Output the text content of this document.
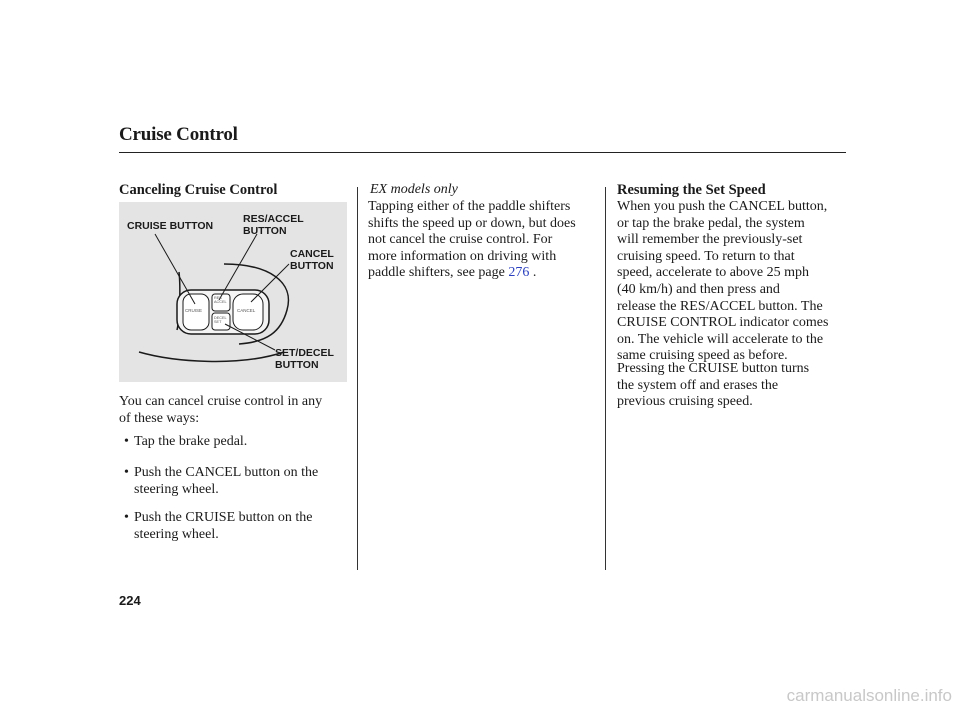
Cruise Control
Canceling Cruise Control
CRUISE
RES
ACCEL
DECEL
SET
CANCEL
CRUISE BUTTON
RES/ACCEL
BUTTON
CANCEL
BUTTON
SET/DECEL
BUTTON
You can cancel cruise control in any
of these ways:
• Tap the brake pedal.
• Push the CANCEL button on the
steering wheel.
• Push the CRUISE button on the
steering wheel.
EX models only
Tapping either of the paddle shifters
shifts the speed up or down, but does
not cancel the cruise control. For
more information on driving with
paddle shifters, see page 276 .
Resuming the Set Speed
When you push the CANCEL button,
or tap the brake pedal, the system
will remember the previously-set
cruising speed. To return to that
speed, accelerate to above 25 mph
(40 km/h) and then press and
release the RES/ACCEL button. The
CRUISE CONTROL indicator comes
on. The vehicle will accelerate to the
same cruising speed as before.
Pressing the CRUISE button turns
the system off and erases the
previous cruising speed.
224
carmanualsonline.info
